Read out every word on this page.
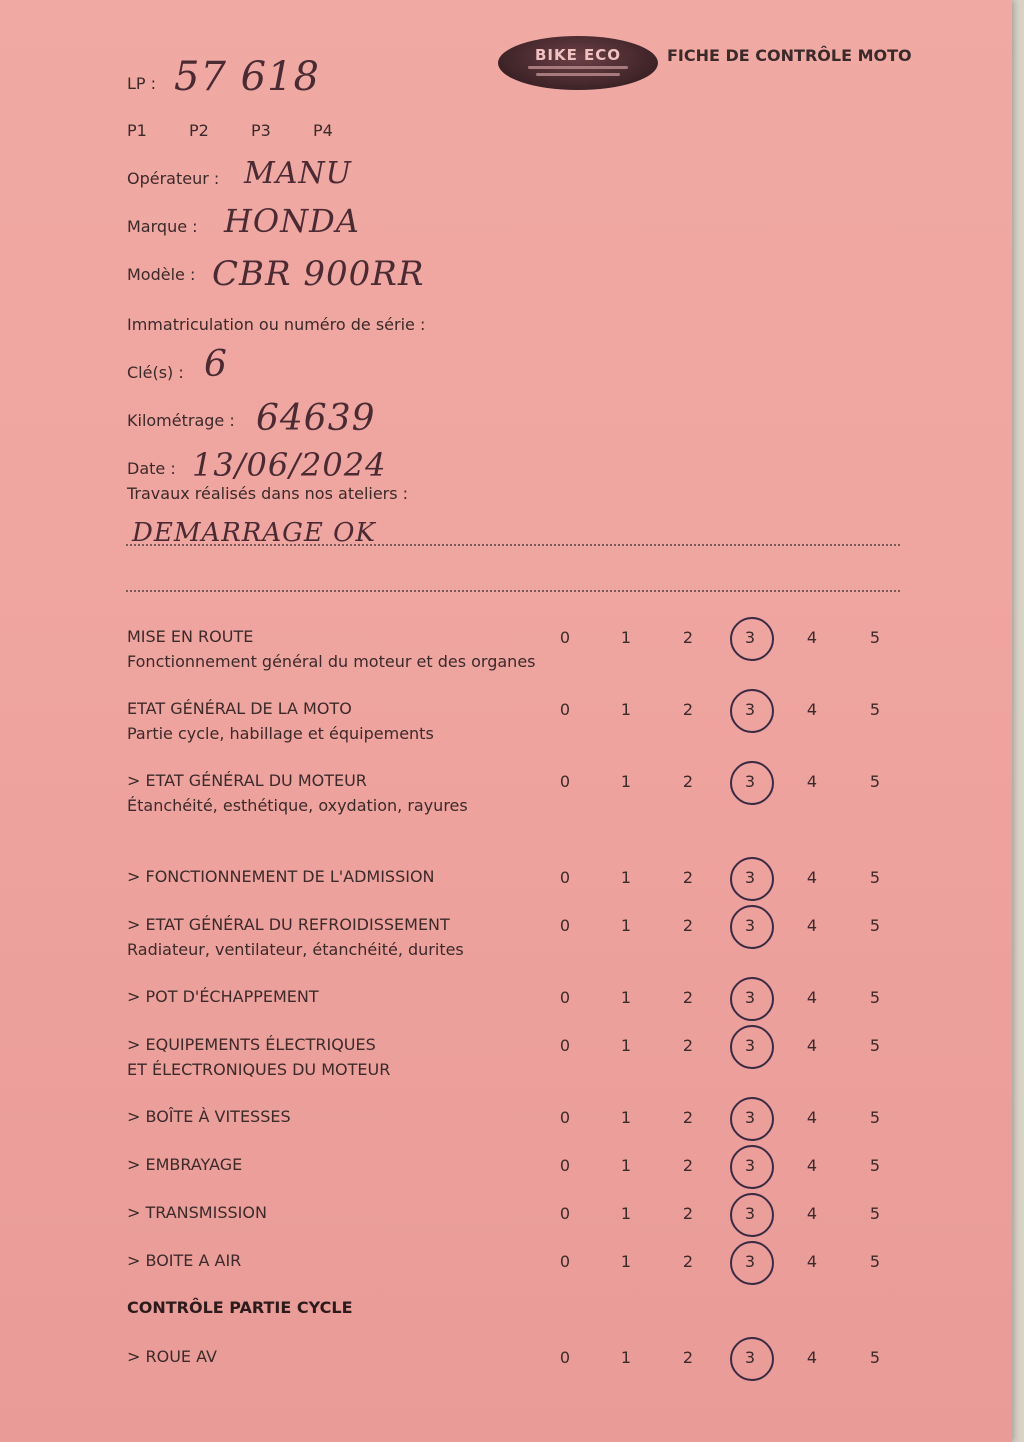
LP : 57 618	BIKE ECO	FICHE DE CONTRÔLE MOTO
P1	P2	P3	P4
Opérateur : MANU
Marque : HONDA
Modèle : CBR 900RR
Immatriculation ou numéro de série :
Clé(s) : 6
Kilométrage : 64639
Date : 13/06/2024
Travaux réalisés dans nos ateliers :
DEMARRAGE OK
MISE EN ROUTE
Fonctionnement général du moteur et des organes
0	1	2	3	4	5
ETAT GÉNÉRAL DE LA MOTO
Partie cycle, habillage et équipements
0	1	2	3	4	5
> ETAT GÉNÉRAL DU MOTEUR
Étanchéité, esthétique, oxydation, rayures
0	1	2	3	4	5
> FONCTIONNEMENT DE L'ADMISSION	0	1	2	3	4	5
> ETAT GÉNÉRAL DU REFROIDISSEMENT
Radiateur, ventilateur, étanchéité, durites
0	1	2	3	4	5
> POT D'ÉCHAPPEMENT	0	1	2	3	4	5
> EQUIPEMENTS ÉLECTRIQUES
ET ÉLECTRONIQUES DU MOTEUR
0	1	2	3	4	5
> BOÎTE À VITESSES	0	1	2	3	4	5
> EMBRAYAGE	0	1	2	3	4	5
> TRANSMISSION	0	1	2	3	4	5
> BOITE A AIR	0	1	2	3	4	5
> ROUE AV	0	1	2	3	4	5
CONTRÔLE PARTIE CYCLE
